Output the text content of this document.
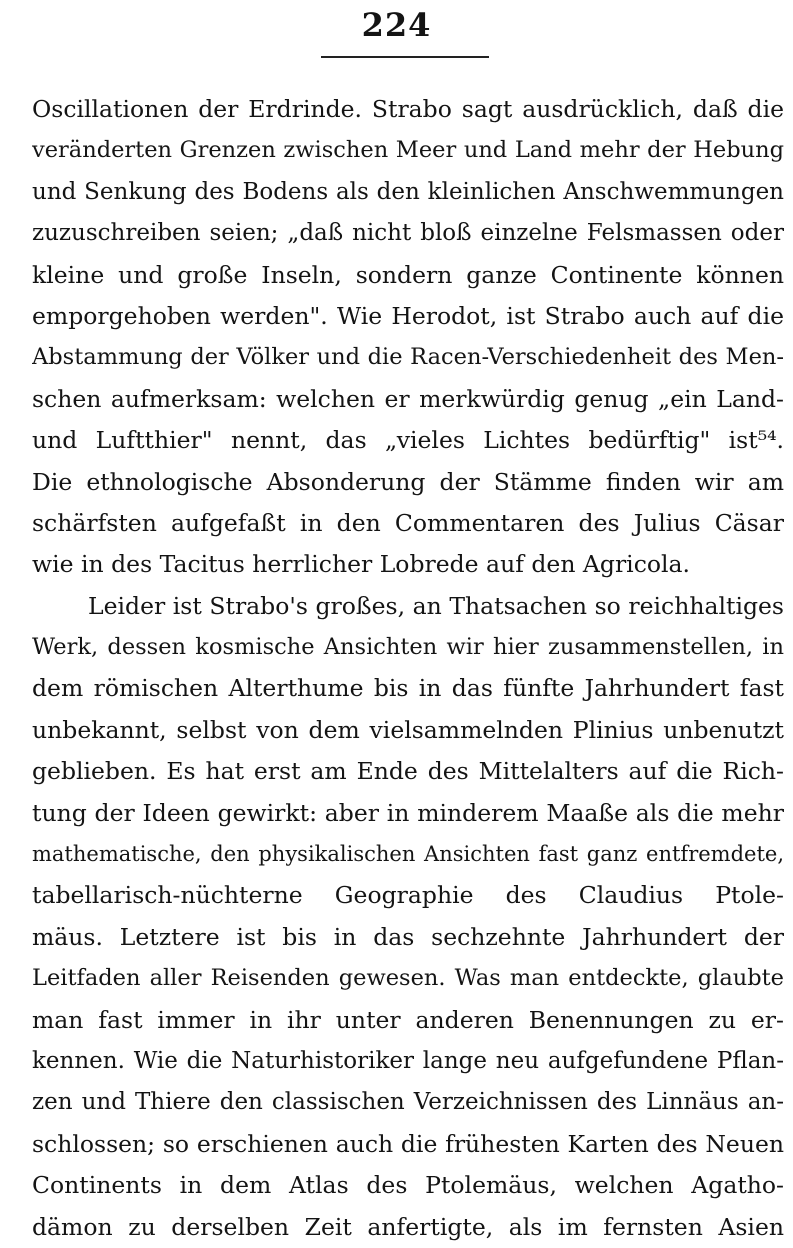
224
Oscillationen der Erdrinde. Strabo sagt ausdrücklich, daß die
veränderten Grenzen zwischen Meer und Land mehr der Hebung
und Senkung des Bodens als den kleinlichen Anschwemmungen
zuzuschreiben seien; „daß nicht bloß einzelne Felsmassen oder
kleine und große Inseln, sondern ganze Continente können
emporgehoben werden". Wie Herodot, ist Strabo auch auf die
Abstammung der Völker und die Racen-Verschiedenheit des Men-
schen aufmerksam: welchen er merkwürdig genug „ein Land-
und Luftthier" nennt, das „vieles Lichtes bedürftig" ist⁵⁴.
Die ethnologische Absonderung der Stämme finden wir am
schärfsten aufgefaßt in den Commentaren des Julius Cäsar
wie in des Tacitus herrlicher Lobrede auf den Agricola.
Leider ist Strabo's großes, an Thatsachen so reichhaltiges
Werk, dessen kosmische Ansichten wir hier zusammenstellen, in
dem römischen Alterthume bis in das fünfte Jahrhundert fast
unbekannt, selbst von dem vielsammelnden Plinius unbenutzt
geblieben. Es hat erst am Ende des Mittelalters auf die Rich-
tung der Ideen gewirkt: aber in minderem Maaße als die mehr
mathematische, den physikalischen Ansichten fast ganz entfremdete,
tabellarisch-nüchterne Geographie des Claudius Ptole-
mäus. Letztere ist bis in das sechzehnte Jahrhundert der
Leitfaden aller Reisenden gewesen. Was man entdeckte, glaubte
man fast immer in ihr unter anderen Benennungen zu er-
kennen. Wie die Naturhistoriker lange neu aufgefundene Pflan-
zen und Thiere den classischen Verzeichnissen des Linnäus an-
schlossen; so erschienen auch die frühesten Karten des Neuen
Continents in dem Atlas des Ptolemäus, welchen Agatho-
dämon zu derselben Zeit anfertigte, als im fernsten Asien
